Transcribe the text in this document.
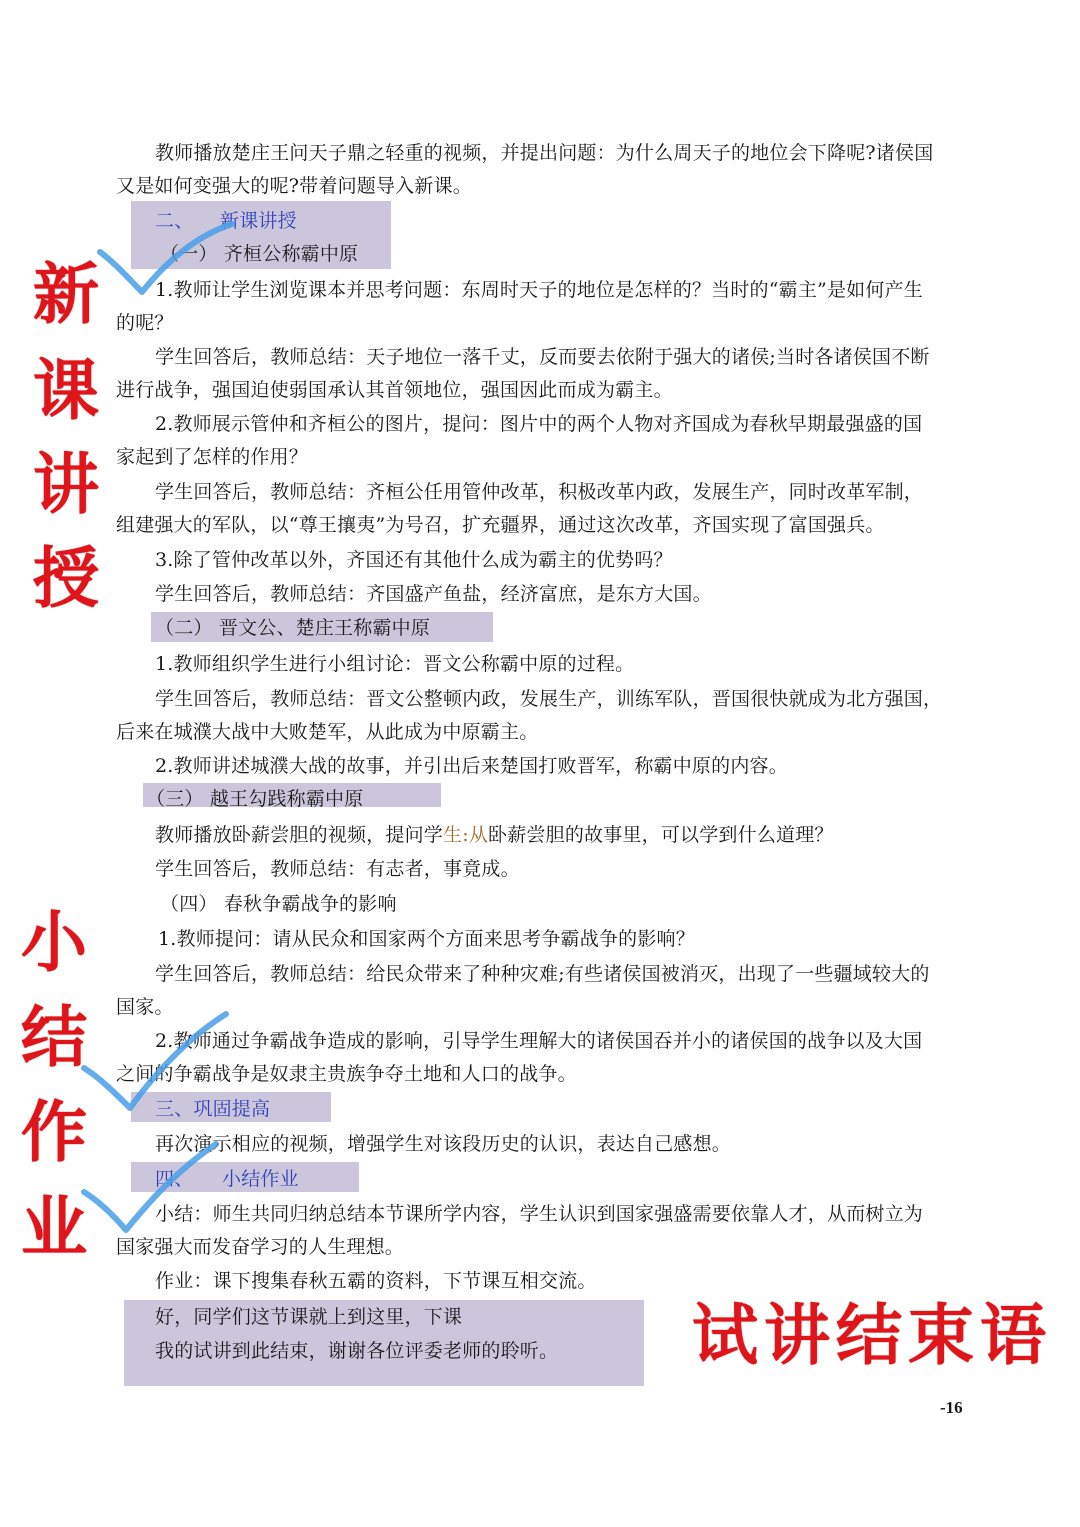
教师播放楚庄王问天子鼎之轻重的视频，并提出问题：为什么周天子的地位会下降呢?诸侯国
又是如何变强大的呢?带着问题导入新课。
二、 新课讲授
（一） 齐桓公称霸中原
1.教师让学生浏览课本并思考问题：东周时天子的地位是怎样的？当时的“霸主”是如何产生
的呢？
学生回答后，教师总结：天子地位一落千丈，反而要去依附于强大的诸侯;当时各诸侯国不断
进行战争，强国迫使弱国承认其首领地位，强国因此而成为霸主。
2.教师展示管仲和齐桓公的图片，提问：图片中的两个人物对齐国成为春秋早期最强盛的国
家起到了怎样的作用？
学生回答后，教师总结：齐桓公任用管仲改革，积极改革内政，发展生产，同时改革军制，
组建强大的军队，以“尊王攘夷”为号召，扩充疆界，通过这次改革，齐国实现了富国强兵。
3.除了管仲改革以外，齐国还有其他什么成为霸主的优势吗？
学生回答后，教师总结：齐国盛产鱼盐，经济富庶，是东方大国。
（二） 晋文公、楚庄王称霸中原
1.教师组织学生进行小组讨论：晋文公称霸中原的过程。
学生回答后，教师总结：晋文公整顿内政，发展生产，训练军队，晋国很快就成为北方强国，
后来在城濮大战中大败楚军，从此成为中原霸主。
2.教师讲述城濮大战的故事，并引出后来楚国打败晋军，称霸中原的内容。
（三） 越王勾践称霸中原
教师播放卧薪尝胆的视频，提问学生:从卧薪尝胆的故事里，可以学到什么道理？
学生回答后，教师总结：有志者，事竟成。
（四） 春秋争霸战争的影响
1.教师提问：请从民众和国家两个方面来思考争霸战争的影响？
学生回答后，教师总结：给民众带来了种种灾难;有些诸侯国被消灭，出现了一些疆域较大的
国家。
2.教师通过争霸战争造成的影响，引导学生理解大的诸侯国吞并小的诸侯国的战争以及大国
之间的争霸战争是奴隶主贵族争夺土地和人口的战争。
三、巩固提高
再次演示相应的视频，增强学生对该段历史的认识，表达自己感想。
四、 小结作业
小结：师生共同归纳总结本节课所学内容，学生认识到国家强盛需要依靠人才，从而树立为
国家强大而发奋学习的人生理想。
作业：课下搜集春秋五霸的资料，下节课互相交流。
好，同学们这节课就上到这里，下课
我的试讲到此结束，谢谢各位评委老师的聆听。
新
课
讲
授
小
结
作
业
试讲结束语
-16
